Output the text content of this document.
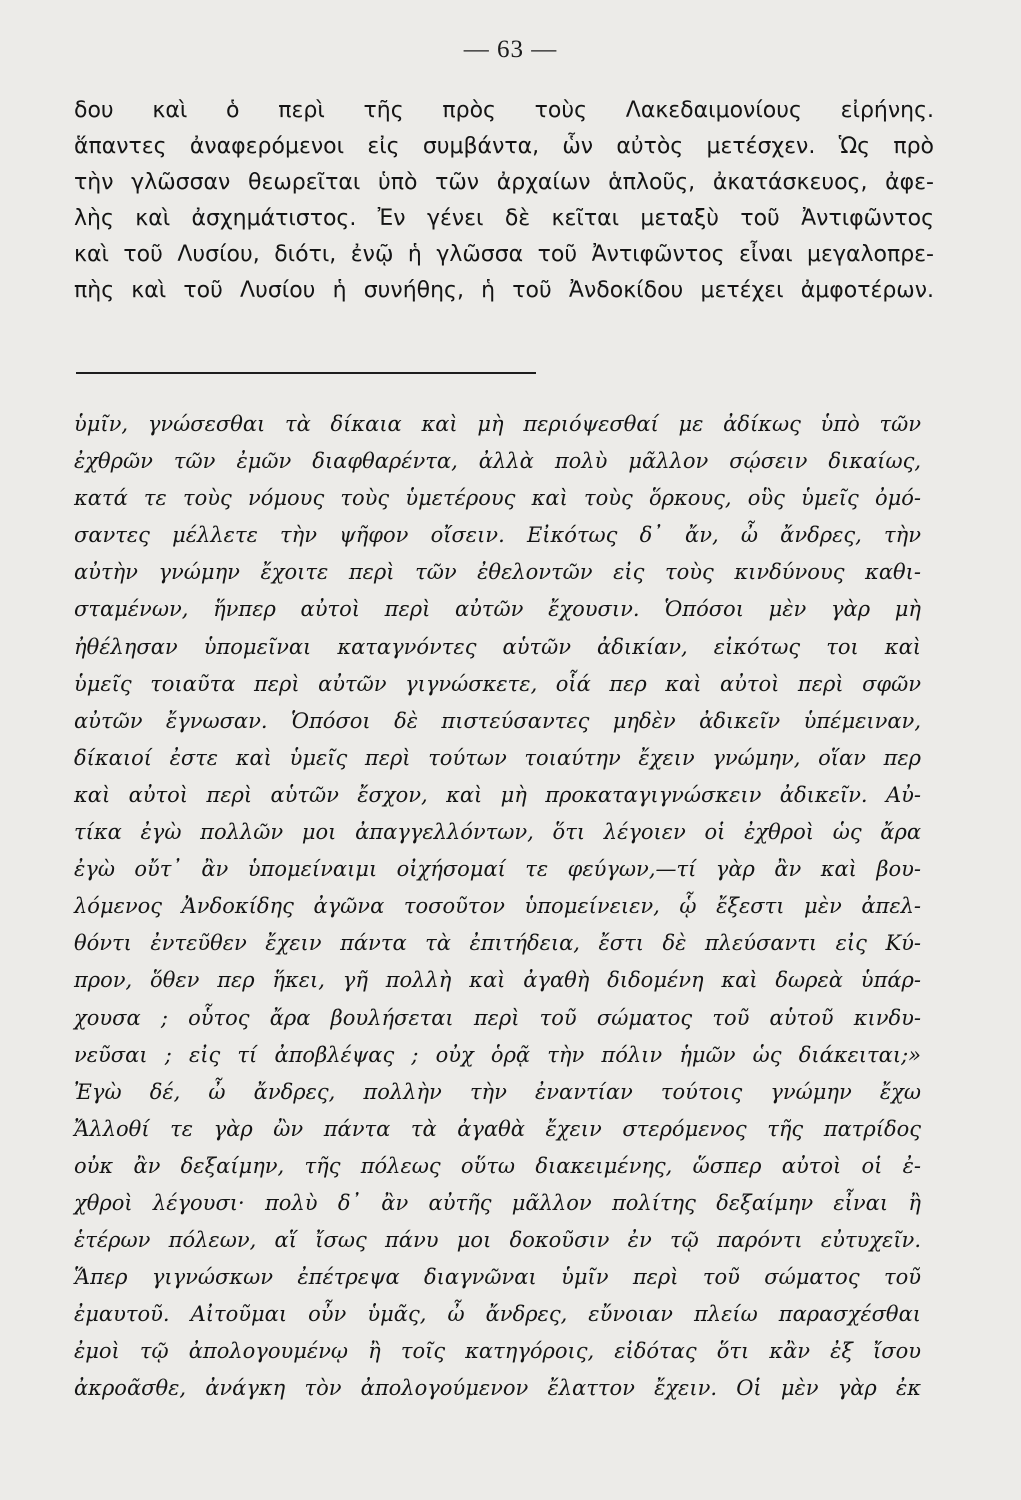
— 63 —
δου καὶ ὁ περὶ τῆς πρὸς τοὺς Λακεδαιμονίους εἰρήνης.
ἅπαντες ἀναφερόμενοι εἰς συμβάντα, ὧν αὐτὸς μετέσχεν. Ὡς πρὸ
τὴν γλῶσσαν θεωρεῖται ὑπὸ τῶν ἀρχαίων ἁπλοῦς, ἀκατάσκευος, ἀφε-
λὴς καὶ ἀσχημάτιστος. Ἐν γένει δὲ κεῖται μεταξὺ τοῦ Ἀντιφῶντος
καὶ τοῦ Λυσίου, διότι, ἐνῷ ἡ γλῶσσα τοῦ Ἀντιφῶντος εἶναι μεγαλοπρε-
πὴς καὶ τοῦ Λυσίου ἡ συνήθης, ἡ τοῦ Ἀνδοκίδου μετέχει ἀμφοτέρων.
ὑμῖν, γνώσεσθαι τὰ δίκαια καὶ μὴ περιόψεσθαί με ἀδίκως ὑπὸ τῶν
ἐχθρῶν τῶν ἐμῶν διαφθαρέντα, ἀλλὰ πολὺ μᾶλλον σῴσειν δικαίως,
κατά τε τοὺς νόμους τοὺς ὑμετέρους καὶ τοὺς ὅρκους, οὓς ὑμεῖς ὀμό-
σαντες μέλλετε τὴν ψῆφον οἴσειν. Εἰκότως δ᾽ ἄν, ὦ ἄνδρες, τὴν
αὐτὴν γνώμην ἔχοιτε περὶ τῶν ἐθελοντῶν εἰς τοὺς κινδύνους καθι-
σταμένων, ἥνπερ αὐτοὶ περὶ αὐτῶν ἔχουσιν. Ὁπόσοι μὲν γὰρ μὴ
ἠθέλησαν ὑπομεῖναι καταγνόντες αὑτῶν ἀδικίαν, εἰκότως τοι καὶ
ὑμεῖς τοιαῦτα περὶ αὐτῶν γιγνώσκετε, οἷά περ καὶ αὐτοὶ περὶ σφῶν
αὐτῶν ἔγνωσαν. Ὁπόσοι δὲ πιστεύσαντες μηδὲν ἀδικεῖν ὑπέμειναν,
δίκαιοί ἐστε καὶ ὑμεῖς περὶ τούτων τοιαύτην ἔχειν γνώμην, οἵαν περ
καὶ αὐτοὶ περὶ αὑτῶν ἔσχον, καὶ μὴ προκαταγιγνώσκειν ἀδικεῖν. Αὐ-
τίκα ἐγὼ πολλῶν μοι ἀπαγγελλόντων, ὅτι λέγοιεν οἱ ἐχθροὶ ὡς ἄρα
ἐγὼ οὔτ᾽ ἂν ὑπομείναιμι οἰχήσομαί τε φεύγων,—τί γὰρ ἂν καὶ βου-
λόμενος Ἀνδοκίδης ἀγῶνα τοσοῦτον ὑπομείνειεν, ᾧ ἔξεστι μὲν ἀπελ-
θόντι ἐντεῦθεν ἔχειν πάντα τὰ ἐπιτήδεια, ἔστι δὲ πλεύσαντι εἰς Κύ-
προν, ὅθεν περ ἥκει, γῆ πολλὴ καὶ ἀγαθὴ διδομένη καὶ δωρεὰ ὑπάρ-
χουσα ; οὗτος ἄρα βουλήσεται περὶ τοῦ σώματος τοῦ αὑτοῦ κινδυ-
νεῦσαι ; εἰς τί ἀποβλέψας ; οὐχ ὁρᾷ τὴν πόλιν ἡμῶν ὡς διάκειται;»
Ἐγὼ δέ, ὦ ἄνδρες, πολλὴν τὴν ἐναντίαν τούτοις γνώμην ἔχω
Ἄλλοθί τε γὰρ ὢν πάντα τὰ ἀγαθὰ ἔχειν στερόμενος τῆς πατρίδος
οὐκ ἂν δεξαίμην, τῆς πόλεως οὕτω διακειμένης, ὥσπερ αὐτοὶ οἱ ἐ-
χθροὶ λέγουσι· πολὺ δ᾽ ἂν αὐτῆς μᾶλλον πολίτης δεξαίμην εἶναι ἢ
ἑτέρων πόλεων, αἵ ἴσως πάνυ μοι δοκοῦσιν ἐν τῷ παρόντι εὐτυχεῖν.
Ἅπερ γιγνώσκων ἐπέτρεψα διαγνῶναι ὑμῖν περὶ τοῦ σώματος τοῦ
ἐμαυτοῦ. Αἰτοῦμαι οὖν ὑμᾶς, ὦ ἄνδρες, εὔνοιαν πλείω παρασχέσθαι
ἐμοὶ τῷ ἀπολογουμένῳ ἢ τοῖς κατηγόροις, εἰδότας ὅτι κἂν ἐξ ἴσου
ἀκροᾶσθε, ἀνάγκη τὸν ἀπολογούμενον ἔλαττον ἔχειν. Οἱ μὲν γὰρ ἐκ
